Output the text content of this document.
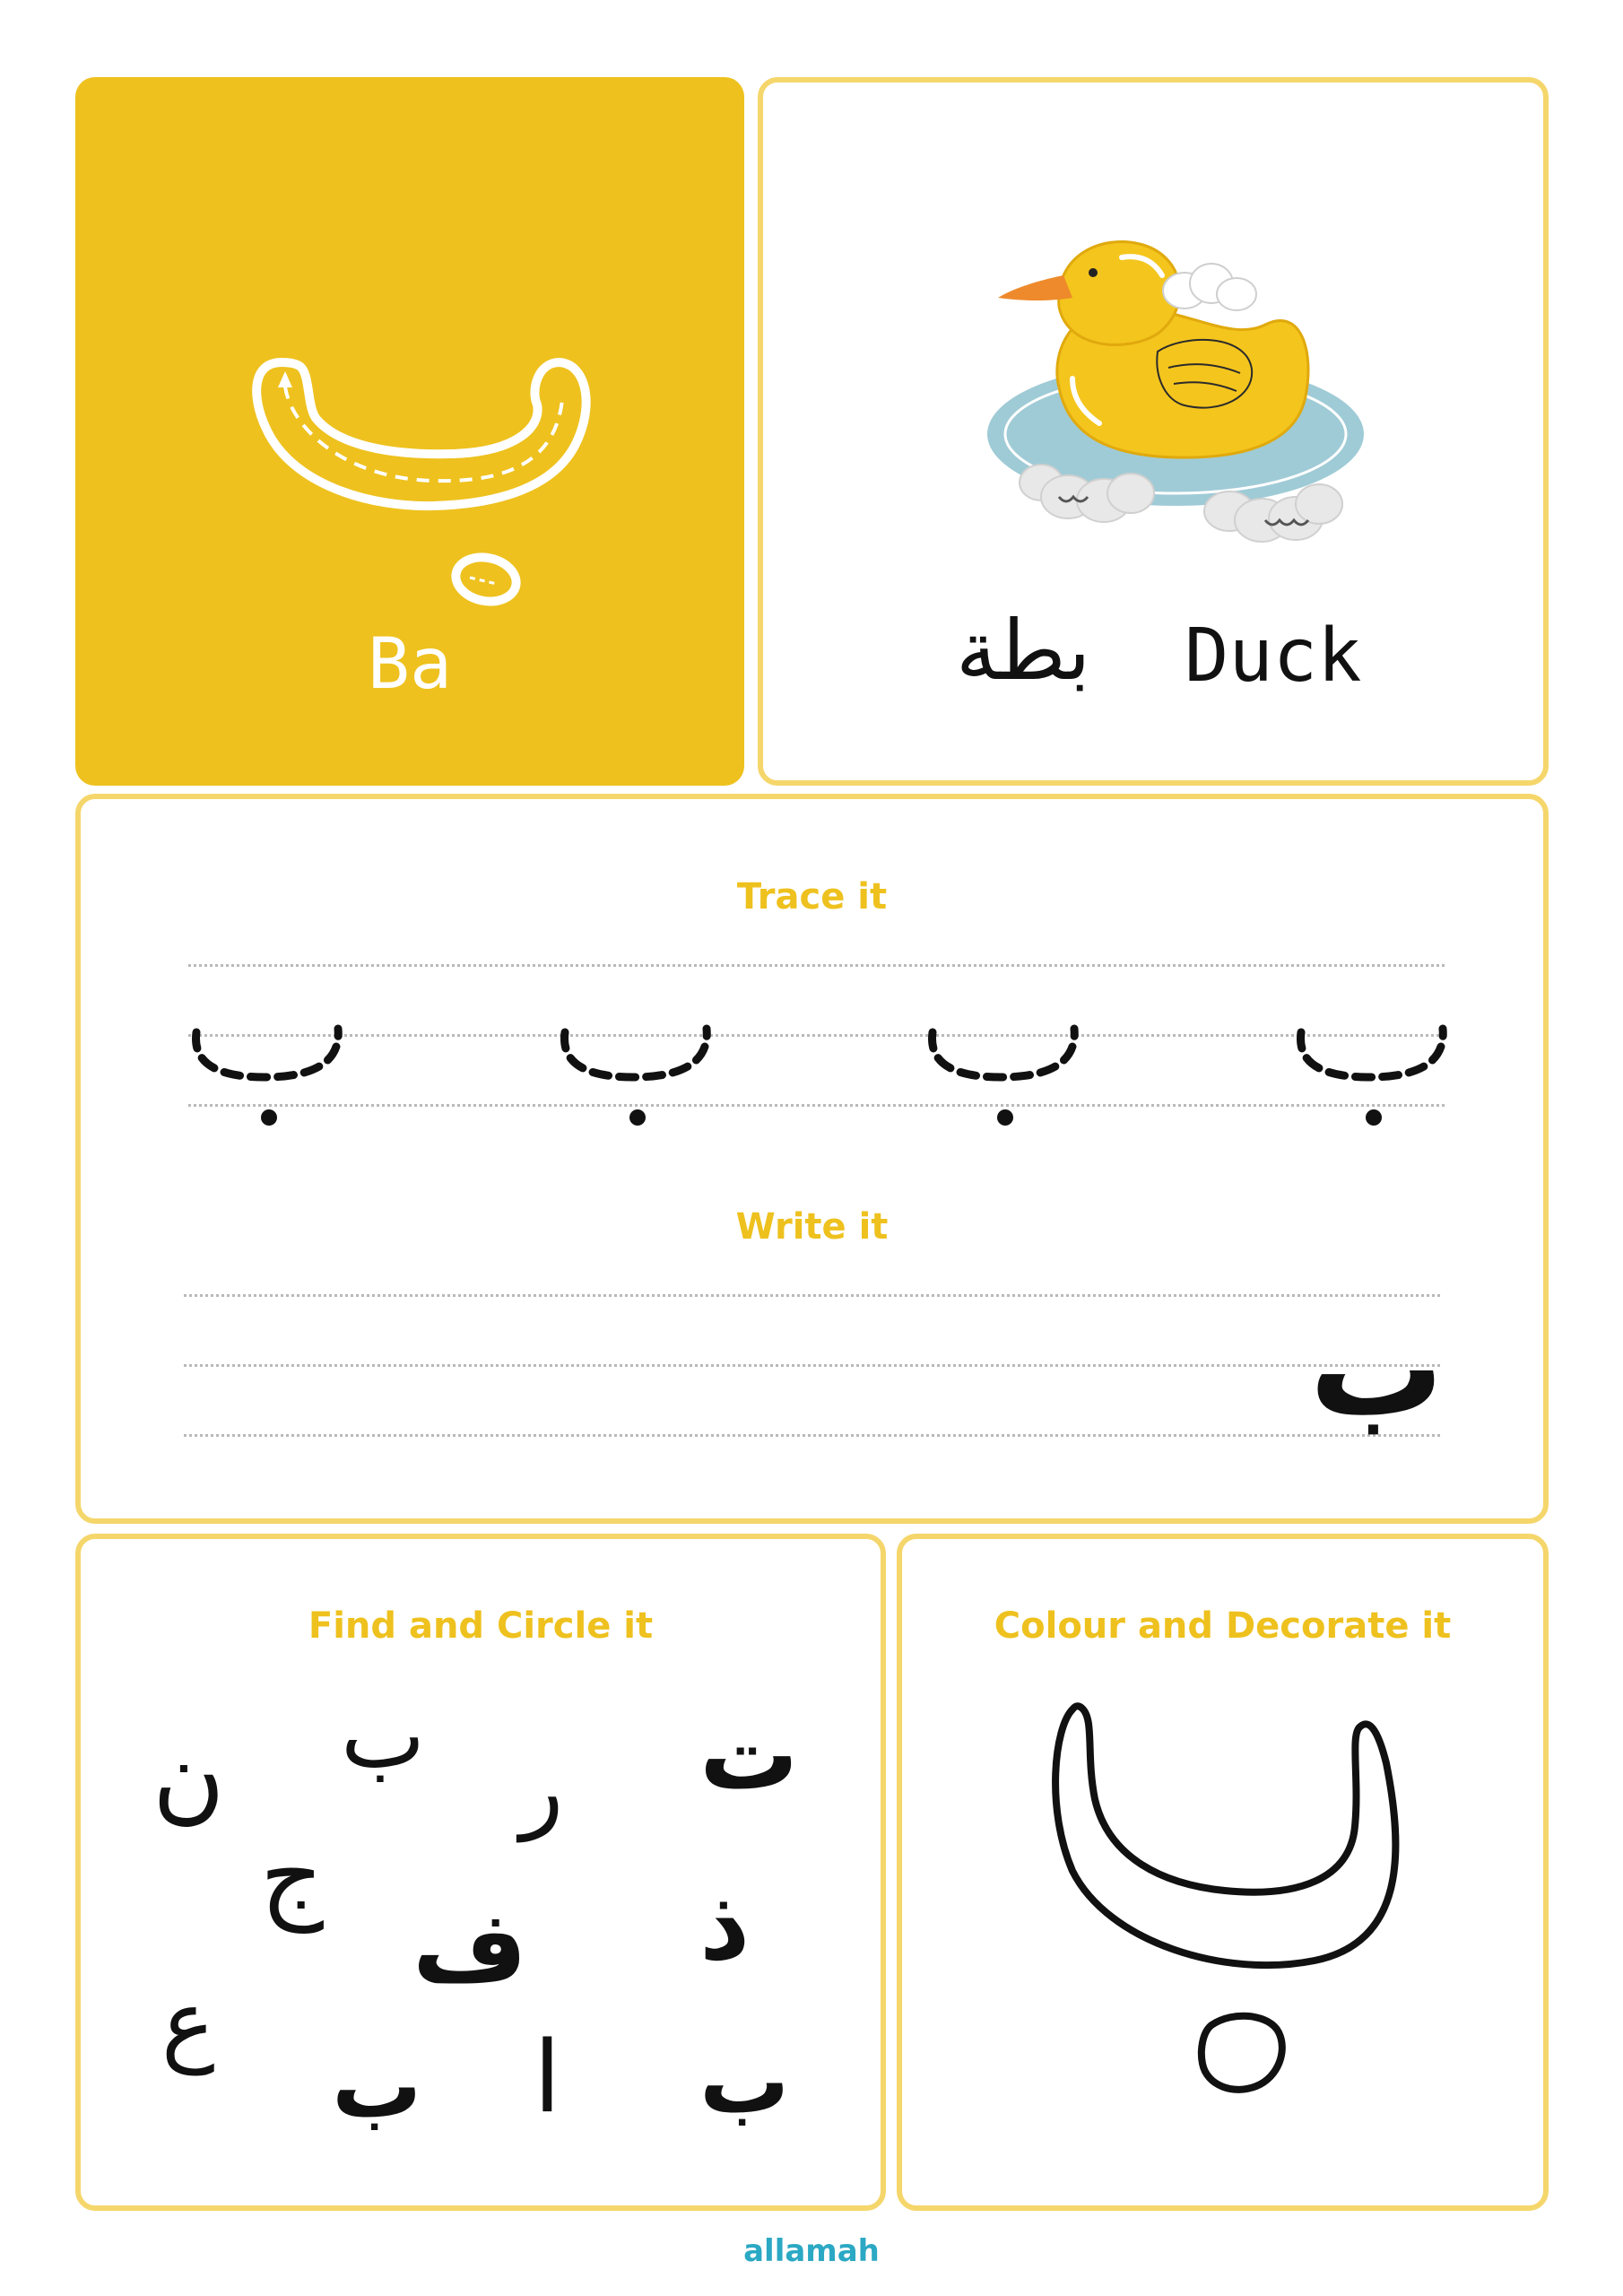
Ba	Duck
بطة
Trace it
Write it
ب
Find and Circle it
ب
ن	ر ت
ج
ف ذ
ع
ب ا ب
Colour and Decorate it
allamah
